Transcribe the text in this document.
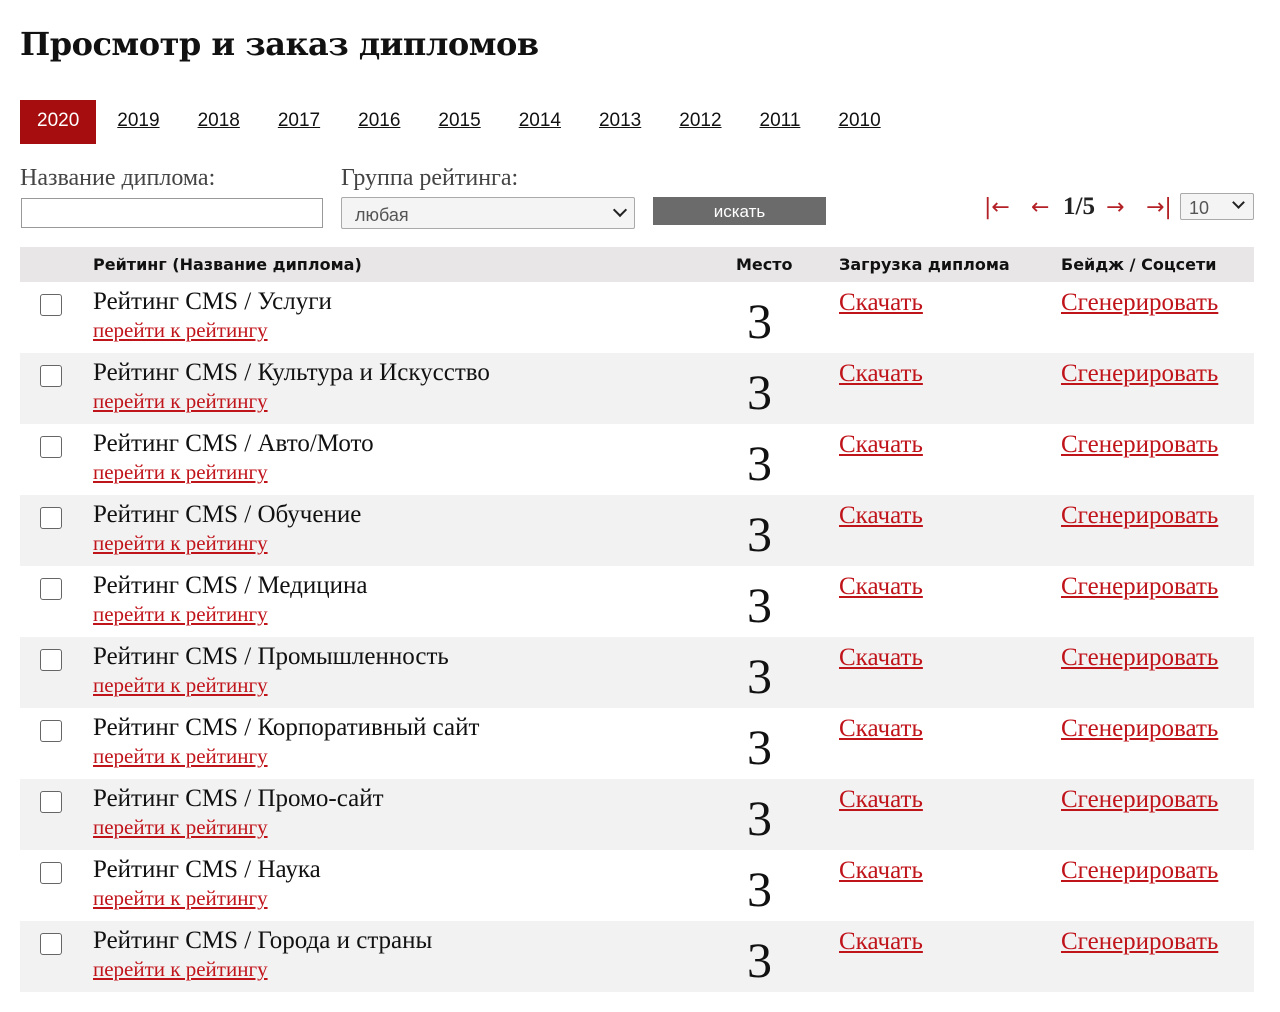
Просмотр и заказ дипломов
2020	2019	2018	2017	2016	2015	2014	2013	2012	2011	2010
Название диплома:	Группа рейтинга:
любая	искать	|← ← 1/5 → →| 10
Рейтинг (Название диплома)	Место	Загрузка диплома	Бейдж / Соцсети
Рейтинг CMS / Услуги
перейти к рейтингу	3	Скачать	Сгенерировать
Рейтинг CMS / Культура и Искусство
перейти к рейтингу	3	Скачать	Сгенерировать
Рейтинг CMS / Авто/Мото
перейти к рейтингу	3	Скачать	Сгенерировать
Рейтинг CMS / Обучение
перейти к рейтингу	3	Скачать	Сгенерировать
Рейтинг CMS / Медицина
перейти к рейтингу	3	Скачать	Сгенерировать
Рейтинг CMS / Промышленность
перейти к рейтингу	3	Скачать	Сгенерировать
Рейтинг CMS / Корпоративный сайт
перейти к рейтингу	3	Скачать	Сгенерировать
Рейтинг CMS / Промо-сайт
перейти к рейтингу	3	Скачать	Сгенерировать
Рейтинг CMS / Наука
перейти к рейтингу	3	Скачать	Сгенерировать
Рейтинг CMS / Города и страны
перейти к рейтингу	3	Скачать	Сгенерировать
